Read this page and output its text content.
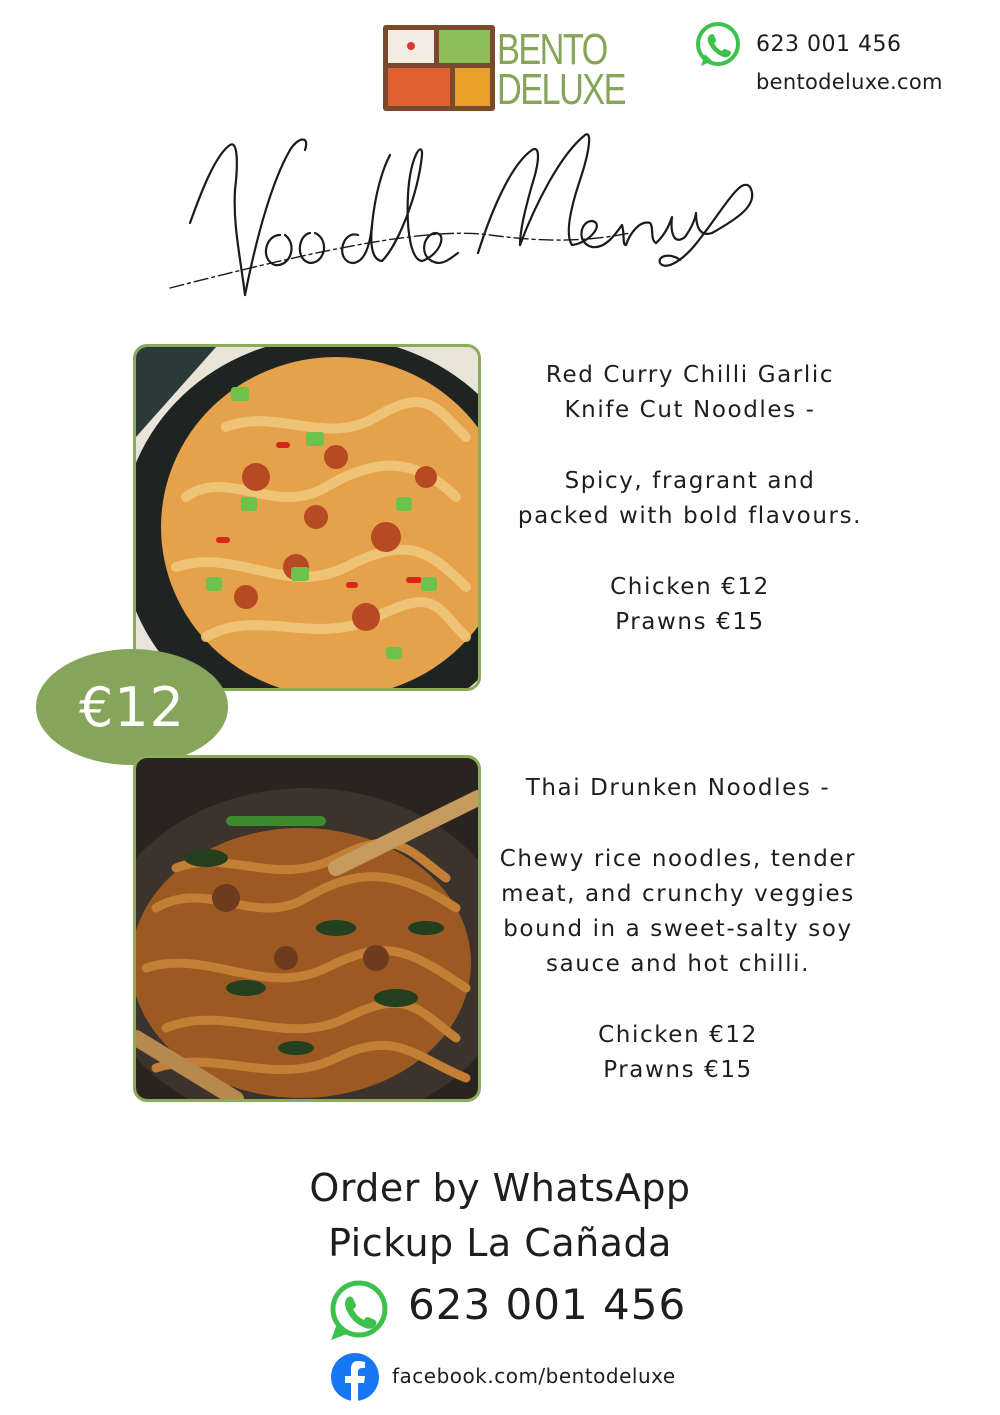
BENTO
DELUXE
623 001 456
bentodeluxe.com
€12

Red Curry Chilli Garlic

Knife Cut Noodles -

Spicy, fragrant and

packed with bold flavours.

Chicken €12

Prawns €15

Thai Drunken Noodles -

Chewy rice noodles, tender

meat, and crunchy veggies

bound in a sweet-salty soy

sauce and hot chilli.

Chicken €12

Prawns €15

Order by WhatsApp
Pickup La Cañada
623 001 456
facebook.com/bentodeluxe
